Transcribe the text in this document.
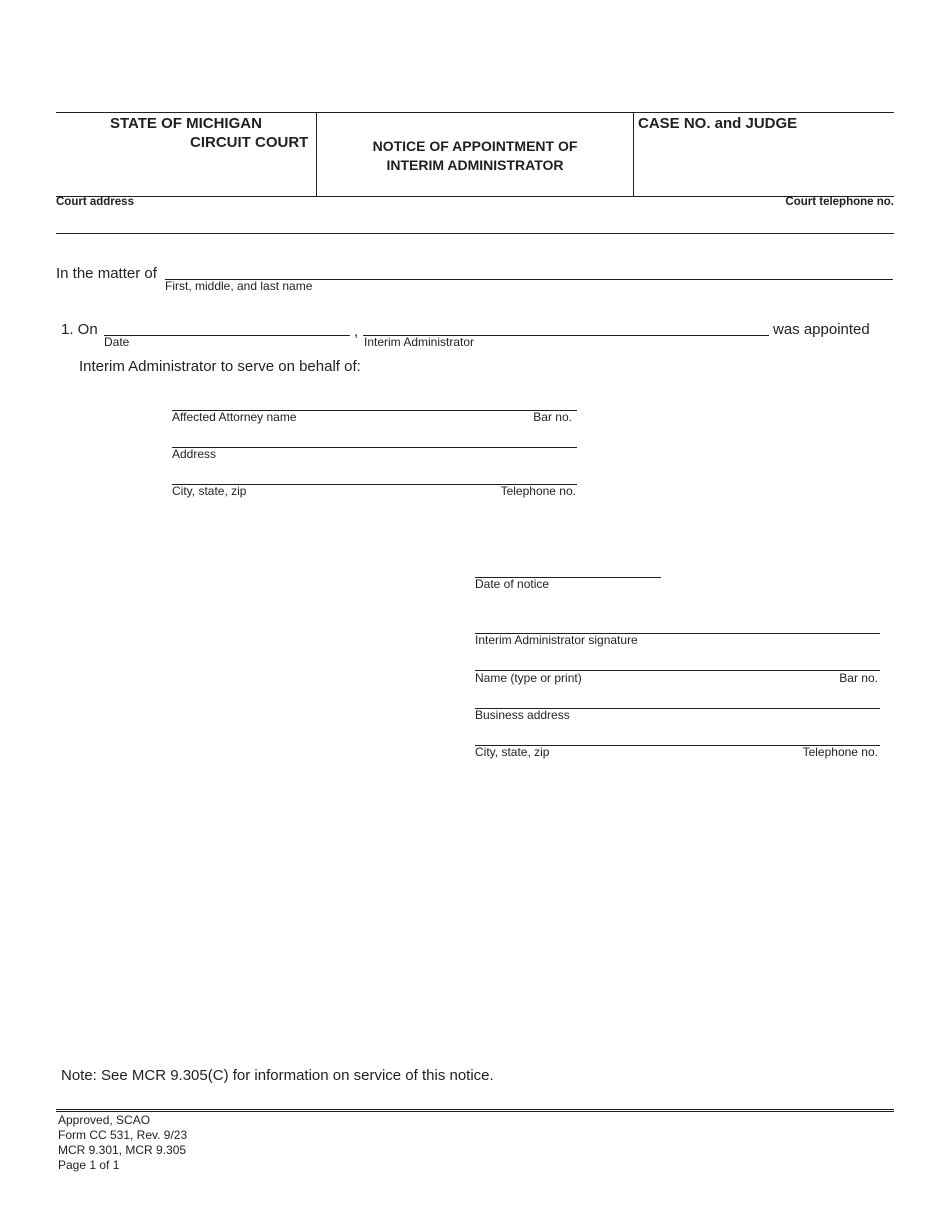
STATE OF MICHIGAN
CIRCUIT COURT	NOTICE OF APPOINTMENT OF
INTERIM ADMINISTRATOR
CASE NO. and JUDGE
Court address	Court telephone no.
In the matter of
First, middle, and last name
1. On
Date
,
Interim Administrator
was appointed
Interim Administrator to serve on behalf of:
Affected Attorney name	Bar no.
Address
City, state, zip	Telephone no.
Date of notice
Interim Administrator signature
Name (type or print)	Bar no.
Business address
City, state, zip	Telephone no.
Note: See MCR 9.305(C) for information on service of this notice.
Approved, SCAO
Form CC 531, Rev. 9/23
MCR 9.301, MCR 9.305
Page 1 of 1
